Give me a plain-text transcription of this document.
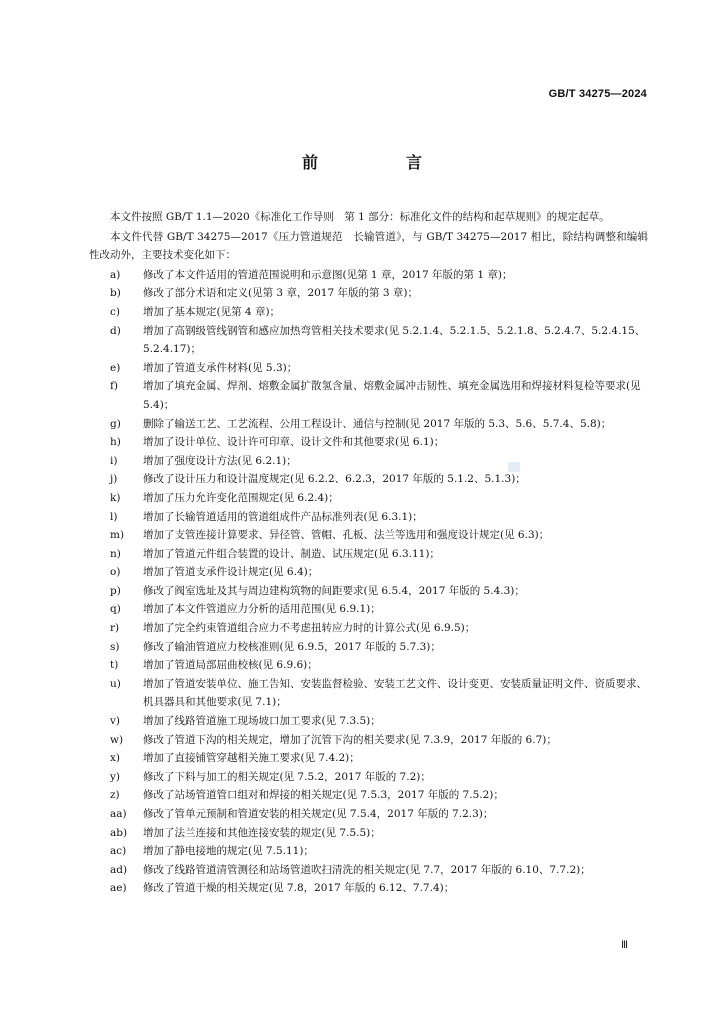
GB/T 34275—2024
前　言

本文件按照 GB/T 1.1—2020《标准化工作导则　第 1 部分：标准化文件的结构和起草规则》的规定起草。

本文件代替 GB/T 34275—2017《压力管道规范　长输管道》，与 GB/T 34275—2017 相比，除结构调整和编辑性改动外，主要技术变化如下：

a)	修改了本文件适用的管道范围说明和示意图(见第 1 章，2017 年版的第 1 章)；
b)	修改了部分术语和定义(见第 3 章，2017 年版的第 3 章)；
c)	增加了基本规定(见第 4 章)；
d)	增加了高钢级管线钢管和感应加热弯管相关技术要求(见 5.2.1.4、5.2.1.5、5.2.1.8、5.2.4.7、5.2.4.15、5.2.4.17)；
e)	增加了管道支承件材料(见 5.3)；
f)	增加了填充金属、焊剂、熔敷金属扩散氢含量、熔敷金属冲击韧性、填充金属选用和焊接材料复检等要求(见 5.4)；
g)	删除了输送工艺、工艺流程、公用工程设计、通信与控制(见 2017 年版的 5.3、5.6、5.7.4、5.8)；
h)	增加了设计单位、设计许可印章、设计文件和其他要求(见 6.1)；
i)	增加了强度设计方法(见 6.2.1)；
j)	修改了设计压力和设计温度规定(见 6.2.2、6.2.3，2017 年版的 5.1.2、5.1.3)；
k)	增加了压力允许变化范围规定(见 6.2.4)；
l)	增加了长输管道适用的管道组成件产品标准列表(见 6.3.1)；
m)	增加了支管连接计算要求、异径管、管帽、孔板、法兰等选用和强度设计规定(见 6.3)；
n)	增加了管道元件组合装置的设计、制造、试压规定(见 6.3.11)；
o)	增加了管道支承件设计规定(见 6.4)；
p)	修改了阀室选址及其与周边建构筑物的间距要求(见 6.5.4，2017 年版的 5.4.3)；
q)	增加了本文件管道应力分析的适用范围(见 6.9.1)；
r)	增加了完全约束管道组合应力不考虑扭转应力时的计算公式(见 6.9.5)；
s)	修改了输油管道应力校核准则(见 6.9.5，2017 年版的 5.7.3)；
t)	增加了管道局部屈曲校核(见 6.9.6)；
u)	增加了管道安装单位、施工告知、安装监督检验、安装工艺文件、设计变更、安装质量证明文件、资质要求、机具器具和其他要求(见 7.1)；
v)	增加了线路管道施工现场坡口加工要求(见 7.3.5)；
w)	修改了管道下沟的相关规定，增加了沉管下沟的相关要求(见 7.3.9，2017 年版的 6.7)；
x)	增加了直接铺管穿越相关施工要求(见 7.4.2)；
y)	修改了下料与加工的相关规定(见 7.5.2，2017 年版的 7.2)；
z)	修改了站场管道管口组对和焊接的相关规定(见 7.5.3，2017 年版的 7.5.2)；
aa)	修改了管单元预制和管道安装的相关规定(见 7.5.4，2017 年版的 7.2.3)；
ab)	增加了法兰连接和其他连接安装的规定(见 7.5.5)；
ac)	增加了静电接地的规定(见 7.5.11)；
ad)	修改了线路管道清管测径和站场管道吹扫清洗的相关规定(见 7.7，2017 年版的 6.10、7.7.2)；
ae)	修改了管道干燥的相关规定(见 7.8，2017 年版的 6.12、7.7.4)；
Ⅲ
